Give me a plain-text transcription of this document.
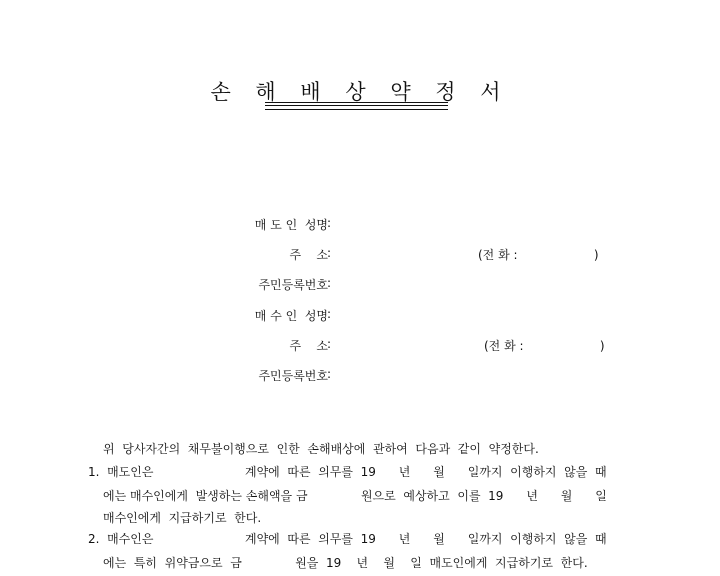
손 해 배 상 약 정 서
매 도 인  성명 :
주    소 :	(전 화 :                    )
주민등록번호 :
매 수 인  성명 :
주    소 :	(전 화 :                    )
주민등록번호 :
위  당사자간의  채무불이행으로  인한  손해배상에  관하여  다음과  같이  약정한다.
1.  매도인은                        계약에  따른  의무를  19      년      월      일까지  이행하지  않을  때
에는 매수인에게  발생하는 손해액을 금              원으로  예상하고  이를  19      년      월      일
매수인에게  지급하기로  한다.
2.  매수인은                        계약에  따른  의무를  19      년      월      일까지  이행하지  않을  때
에는  특히  위약금으로  금              원을  19    년    월    일  매도인에게  지급하기로  한다.
